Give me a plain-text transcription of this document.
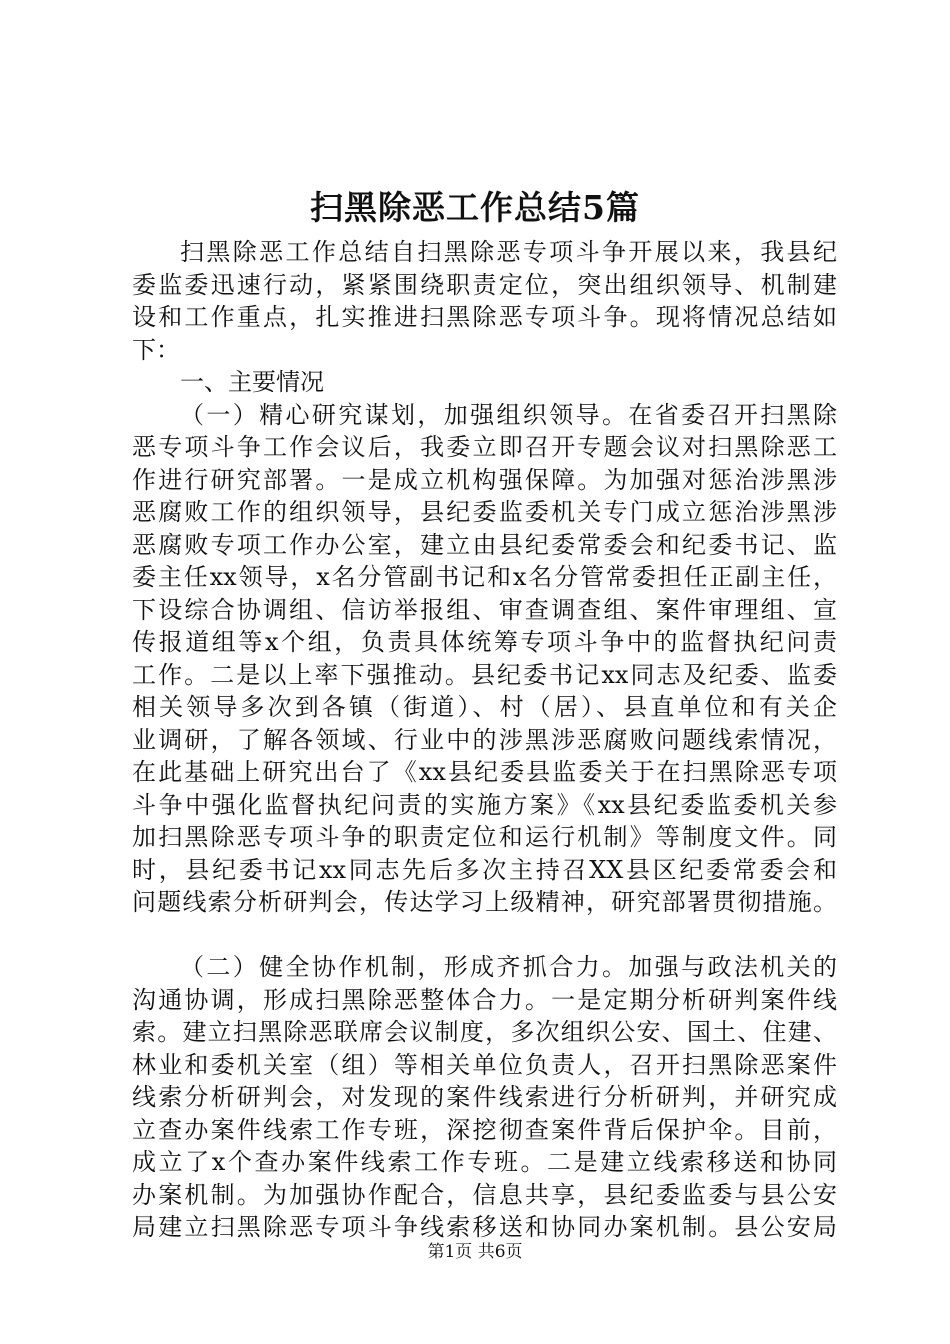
扫黑除恶工作总结5篇
扫黑除恶工作总结自扫黑除恶专项斗争开展以来，我县纪
委监委迅速行动，紧紧围绕职责定位，突出组织领导、机制建
设和工作重点，扎实推进扫黑除恶专项斗争。现将情况总结如
下：
一、主要情况
（一）精心研究谋划，加强组织领导。在省委召开扫黑除
恶专项斗争工作会议后，我委立即召开专题会议对扫黑除恶工
作进行研究部署。一是成立机构强保障。为加强对惩治涉黑涉
恶腐败工作的组织领导，县纪委监委机关专门成立惩治涉黑涉
恶腐败专项工作办公室，建立由县纪委常委会和纪委书记、监
委主任xx领导，x名分管副书记和x名分管常委担任正副主任，
下设综合协调组、信访举报组、审查调查组、案件审理组、宣
传报道组等x个组，负责具体统筹专项斗争中的监督执纪问责
工作。二是以上率下强推动。县纪委书记xx同志及纪委、监委
相关领导多次到各镇（街道）、村（居）、县直单位和有关企
业调研，了解各领域、行业中的涉黑涉恶腐败问题线索情况，
在此基础上研究出台了《xx县纪委县监委关于在扫黑除恶专项
斗争中强化监督执纪问责的实施方案》《xx县纪委监委机关参
加扫黑除恶专项斗争的职责定位和运行机制》等制度文件。同
时，县纪委书记xx同志先后多次主持召XX县区纪委常委会和
问题线索分析研判会，传达学习上级精神，研究部署贯彻措施。
（二）健全协作机制，形成齐抓合力。加强与政法机关的
沟通协调，形成扫黑除恶整体合力。一是定期分析研判案件线
索。建立扫黑除恶联席会议制度，多次组织公安、国土、住建、
林业和委机关室（组）等相关单位负责人，召开扫黑除恶案件
线索分析研判会，对发现的案件线索进行分析研判，并研究成
立查办案件线索工作专班，深挖彻查案件背后保护伞。目前，
成立了x个查办案件线索工作专班。二是建立线索移送和协同
办案机制。为加强协作配合，信息共享，县纪委监委与县公安
局建立扫黑除恶专项斗争线索移送和协同办案机制。县公安局
第1页 共6页
